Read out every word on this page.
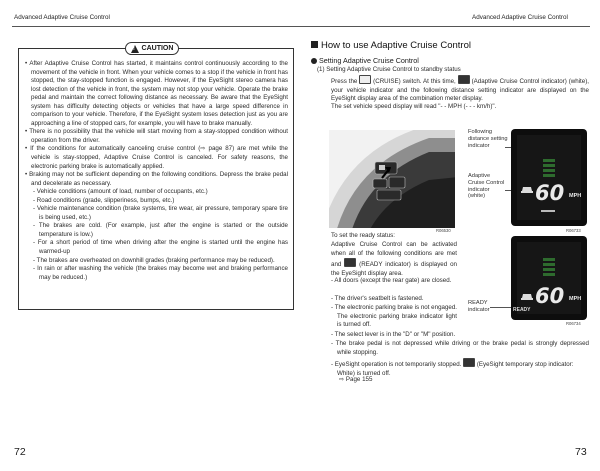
Advanced Adaptive Cruise Control	Advanced Adaptive Cruise Control
!
CAUTION

• After Adaptive Cruise Control has started, it maintains control continuously according to the movement of the vehicle in front. When your vehicle comes to a stop if the vehicle in front has stopped, the stay-stopped function is engaged. However, if the EyeSight stereo camera has lost detection of the vehicle in front, the system may not stop your vehicle. Operate the brake pedal and maintain the correct following distance as necessary. Be aware that the EyeSight system has difficulty detecting objects or vehicles that have a large speed difference in comparison to your vehicle. Therefore, if the EyeSight system loses detection just as you are approaching a line of stopped cars, for example, you will have to brake manually.

• There is no possibility that the vehicle will start moving from a stay-stopped condition without operation from the driver.

• If the conditions for automatically canceling cruise control (⇨ page 87) are met while the vehicle is stay-stopped, Adaptive Cruise Control is canceled. For safety reasons, the electronic parking brake is automatically applied.

• Braking may not be sufficient depending on the following conditions. Depress the brake pedal and decelerate as necessary.

- Vehicle conditions (amount of load, number of occupants, etc.)

- Road conditions (grade, slipperiness, bumps, etc.)

- Vehicle maintenance condition (brake systems, tire wear, air pressure, temporary spare tire is being used, etc.)

- The brakes are cold. (For example, just after the engine is started or the outside temperature is low.)

- For a short period of time when driving after the engine is started until the engine has warmed-up

- The brakes are overheated on downhill grades (braking performance may be reduced).

- In rain or after washing the vehicle (the brakes may become wet and braking performance may be reduced.)

How to use Adaptive Cruise Control
Setting Adaptive Cruise Control
(1) Setting Adaptive Cruise Control to standby status
Press the	(CRUISE) switch. At this time,	(Adaptive Cruise Control indicator) (white), your vehicle indicator and the following distance setting indicator are displayed on the EyeSight display area of the combination meter display.
The set vehicle speed display will read "- - MPH (- - - km/h)".
R06530
Following distance setting indicator
Adaptive Cruise Control indicator (white)	60 MPH
R06733
To set the ready status:
Adaptive Cruise Control can be activated when all of the following conditions are met and	(READY indicator) is displayed on the EyeSight display area.
- All doors (except the rear gate) are closed.
- The driver's seatbelt is fastened.
- The electronic parking brake is not engaged. The electronic parking brake indicator light is turned off.
- The select lever is in the "D" or "M" position.
- The brake pedal is not depressed while driving or the brake pedal is strongly depressed while stopping.
- EyeSight operation is not temporarily stopped. (EyeSight temporary stop indicator: White) is turned off.
⇨ Page 155
READY indicator
60 MPH
READY
R06734
72	73
